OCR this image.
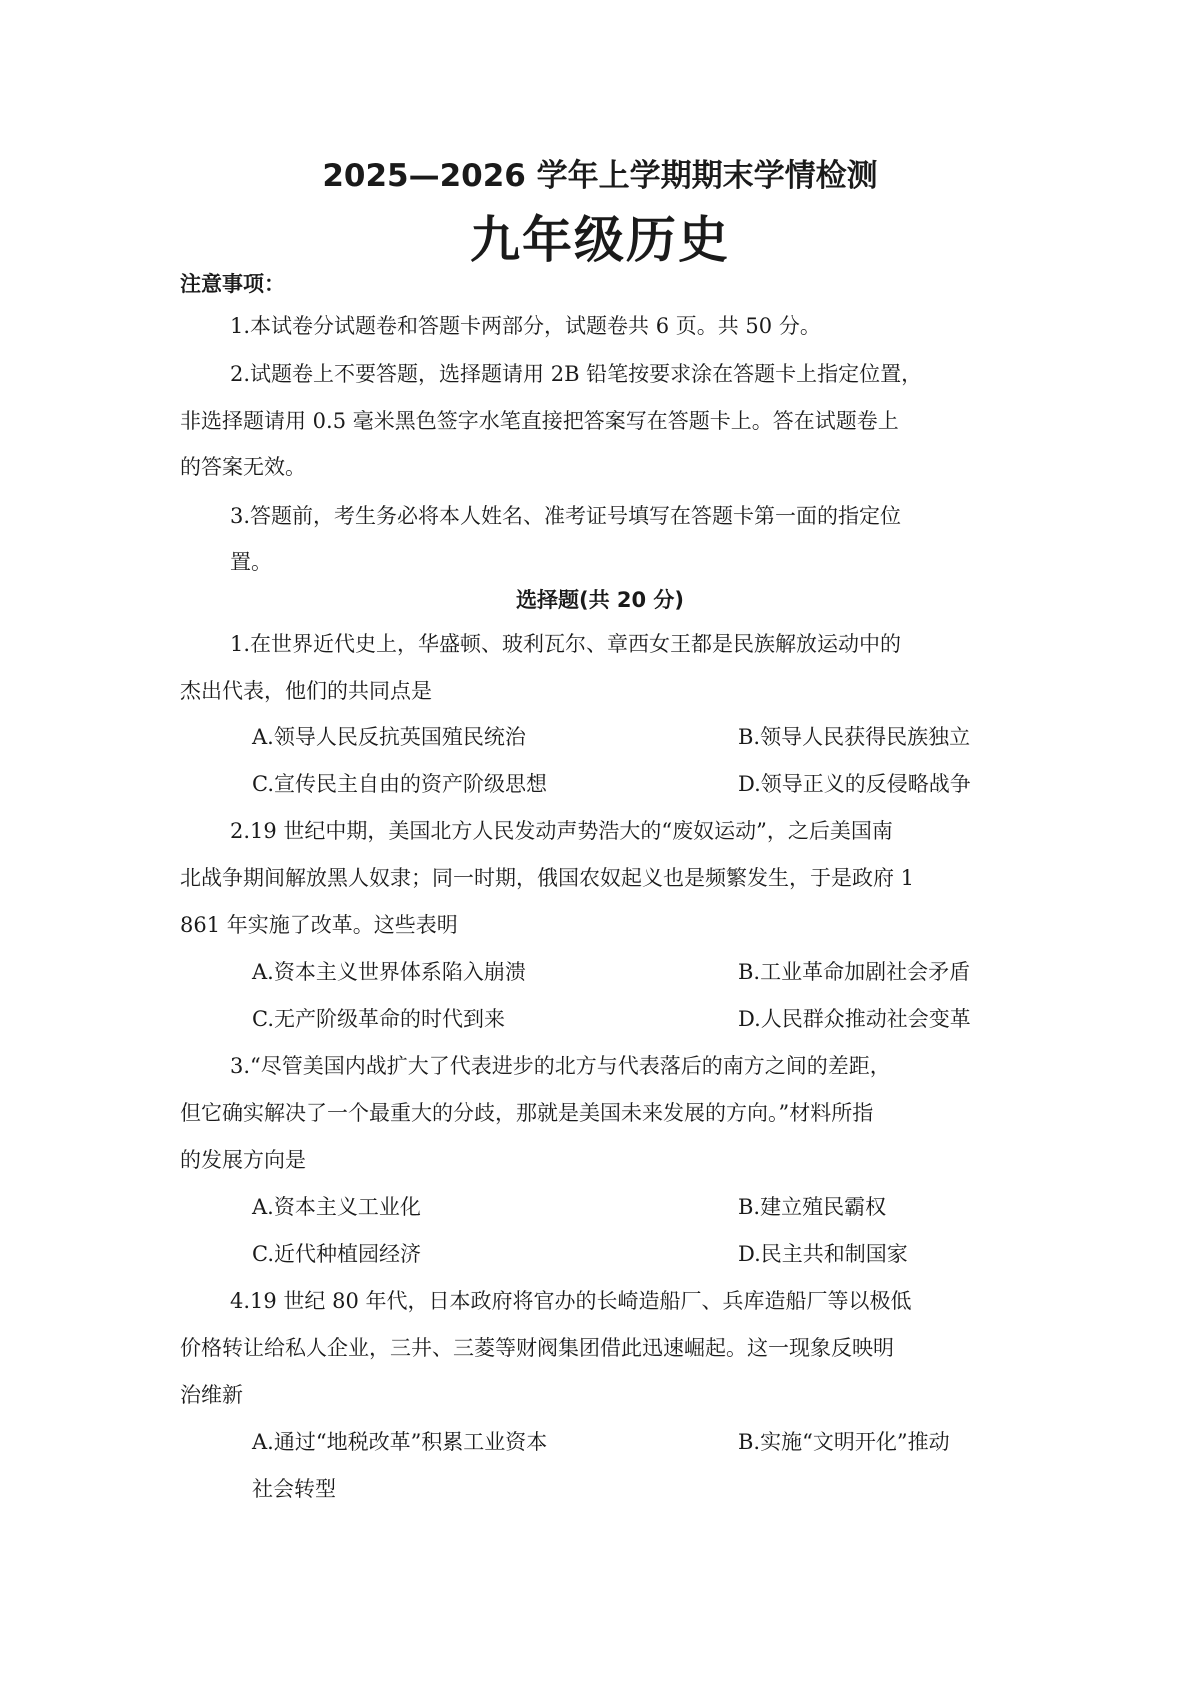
2025—2026 学年上学期期末学情检测
九年级历史
注意事项：
1.本试卷分试题卷和答题卡两部分，试题卷共 6 页。共 50 分。
2.试题卷上不要答题，选择题请用 2B 铅笔按要求涂在答题卡上指定位置，
非选择题请用 0.5 毫米黑色签字水笔直接把答案写在答题卡上。答在试题卷上
的答案无效。
3.答题前，考生务必将本人姓名、准考证号填写在答题卡第一面的指定位
置。
选择题(共 20 分)
1.在世界近代史上，华盛顿、玻利瓦尔、章西女王都是民族解放运动中的
杰出代表，他们的共同点是
A.领导人民反抗英国殖民统治	B.领导人民获得民族独立
C.宣传民主自由的资产阶级思想	D.领导正义的反侵略战争
2.19 世纪中期，美国北方人民发动声势浩大的“废奴运动”，之后美国南
北战争期间解放黑人奴隶；同一时期，俄国农奴起义也是频繁发生，于是政府 1
861 年实施了改革。这些表明
A.资本主义世界体系陷入崩溃	B.工业革命加剧社会矛盾
C.无产阶级革命的时代到来	D.人民群众推动社会变革
3.“尽管美国内战扩大了代表进步的北方与代表落后的南方之间的差距，
但它确实解决了一个最重大的分歧，那就是美国未来发展的方向。”材料所指
的发展方向是
A.资本主义工业化	B.建立殖民霸权
C.近代种植园经济	D.民主共和制国家
4.19 世纪 80 年代，日本政府将官办的长崎造船厂、兵库造船厂等以极低
价格转让给私人企业，三井、三菱等财阀集团借此迅速崛起。这一现象反映明
治维新
A.通过“地税改革”积累工业资本	B.实施“文明开化”推动
社会转型
